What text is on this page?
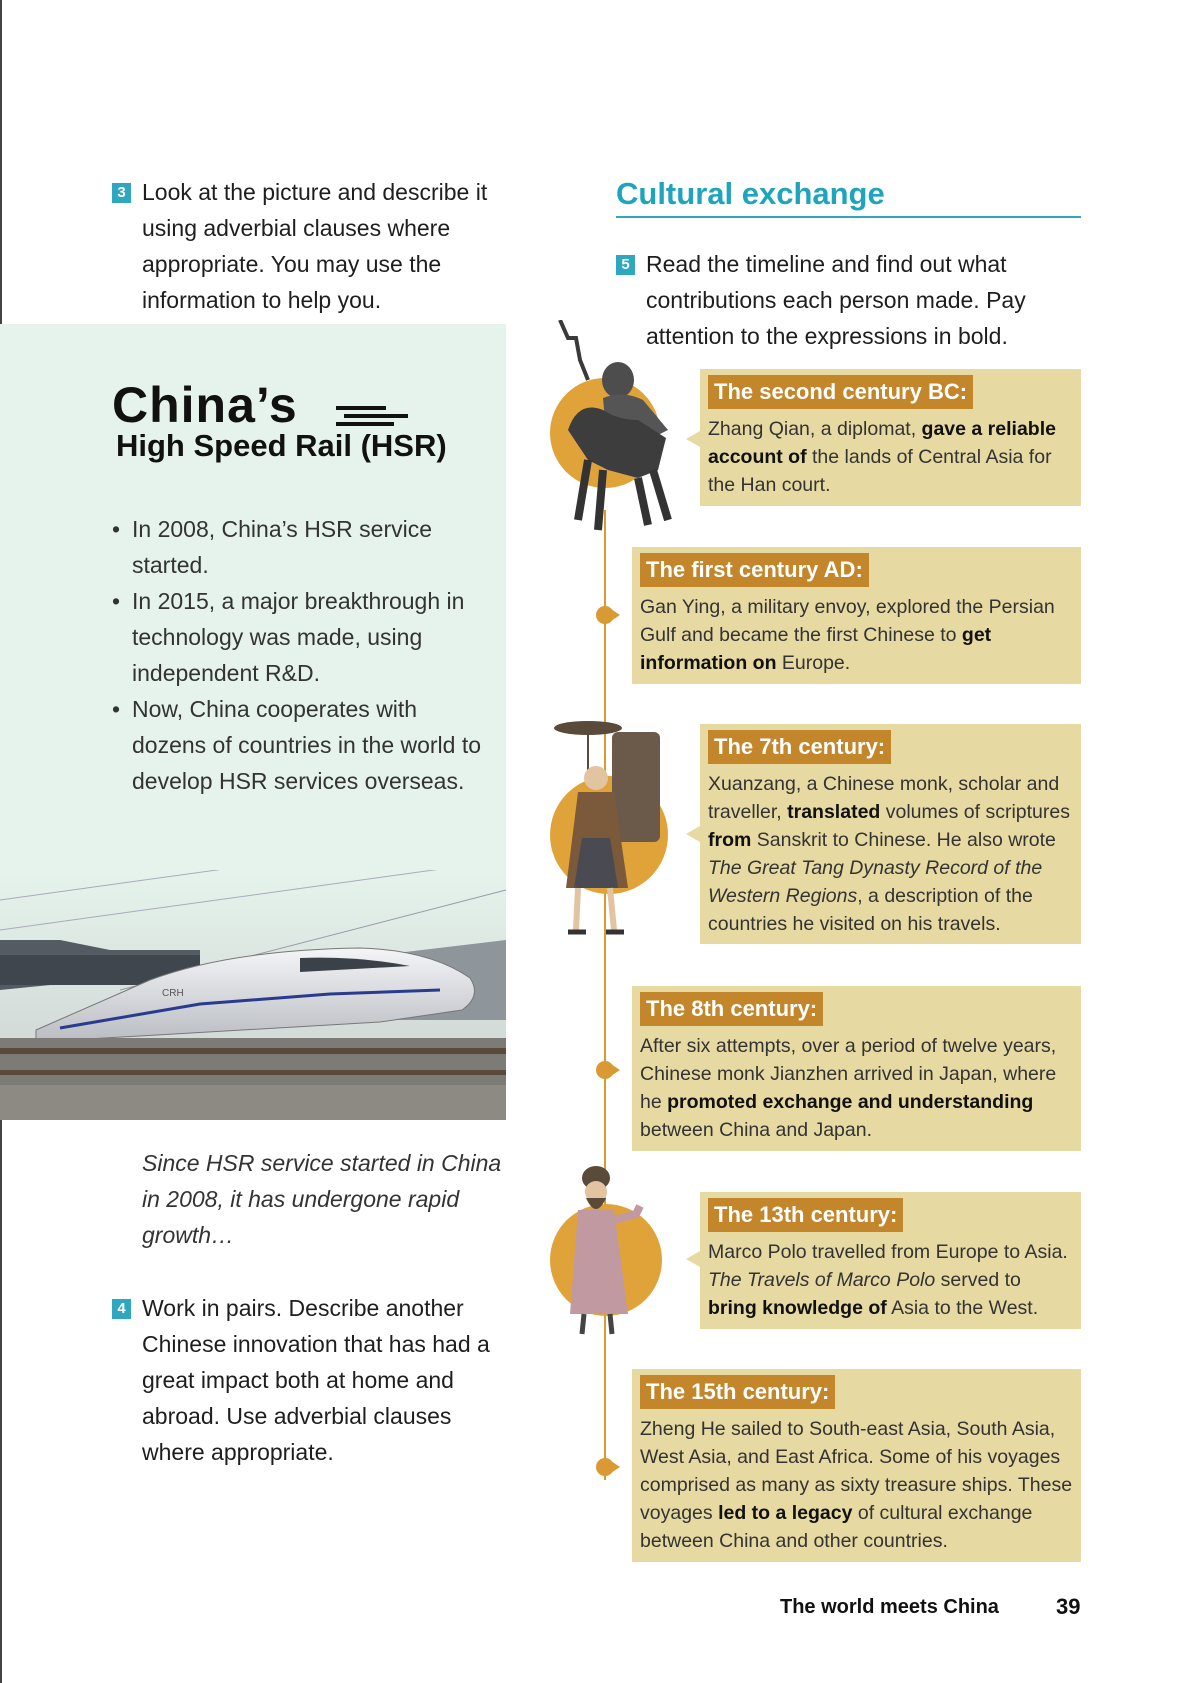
3 Look at the picture and describe it using adverbial clauses where appropriate. You may use the information to help you.
China’s
High Speed Rail (HSR)
• In 2008, China’s HSR service started.
• In 2015, a major breakthrough in technology was made, using independent R&D.
• Now, China cooperates with dozens of countries in the world to develop HSR services overseas.
CRH
Since HSR service started in China in 2008, it has undergone rapid growth…
4 Work in pairs. Describe another Chinese innovation that has had a great impact both at home and abroad. Use adverbial clauses where appropriate.
Cultural exchange
5 Read the timeline and find out what contributions each person made. Pay attention to the expressions in bold.
The second century BC:
Zhang Qian, a diplomat, gave a reliable account of the lands of Central Asia for the Han court.
The first century AD:
Gan Ying, a military envoy, explored the Persian Gulf and became the first Chinese to get information on Europe.
The 7th century:
Xuanzang, a Chinese monk, scholar and traveller, translated volumes of scriptures from Sanskrit to Chinese. He also wrote The Great Tang Dynasty Record of the Western Regions, a description of the countries he visited on his travels.
The 8th century:
After six attempts, over a period of twelve years, Chinese monk Jianzhen arrived in Japan, where he promoted exchange and understanding between China and Japan.
The 13th century:
Marco Polo travelled from Europe to Asia. The Travels of Marco Polo served to bring knowledge of Asia to the West.
The 15th century:
Zheng He sailed to South-east Asia, South Asia, West Asia, and East Africa. Some of his voyages comprised as many as sixty treasure ships. These voyages led to a legacy of cultural exchange between China and other countries.
The world meets China	39
